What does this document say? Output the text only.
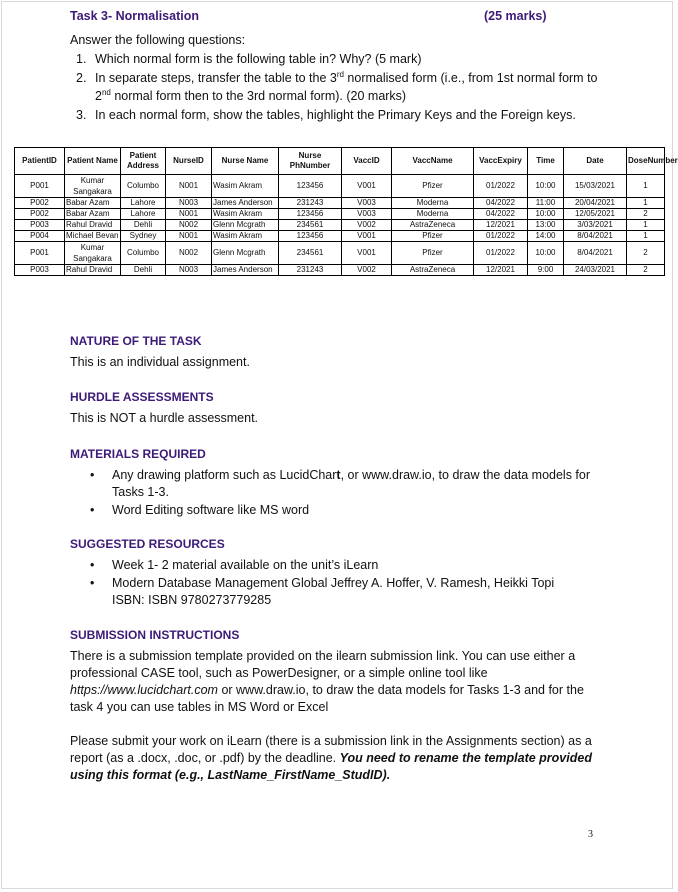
Task 3- Normalisation	(25 marks)
Answer the following questions:
1. Which normal form is the following table in? Why? (5 mark)
2. In separate steps, transfer the table to the 3rd normalised form (i.e., from 1st normal form to 2nd normal form then to the 3rd normal form). (20 marks)
3. In each normal form, show the tables, highlight the Primary Keys and the Foreign keys.
PatientID	Patient Name	Patient Address	NurseID	Nurse Name	Nurse PhNumber	VaccID	VaccName	VaccExpiry	Time	Date	DoseNumber
P001	Kumar Sangakara	Columbo	N001	Wasim Akram	123456	V001	Pfizer	01/2022	10:00	15/03/2021	1
P002	Babar Azam	Lahore	N003	James Anderson	231243	V003	Moderna	04/2022	11:00	20/04/2021	1
P002	Babar Azam	Lahore	N001	Wasim Akram	123456	V003	Moderna	04/2022	10:00	12/05/2021	2
P003	Rahul Dravid	Dehli	N002	Glenn Mcgrath	234561	V002	AstraZeneca	12/2021	13:00	3/03/2021	1
P004	Michael Bevan	Sydney	N001	Wasim Akram	123456	V001	Pfizer	01/2022	14:00	8/04/2021	1
P001	Kumar Sangakara	Columbo	N002	Glenn Mcgrath	234561	V001	Pfizer	01/2022	10:00	8/04/2021	2
P003	Rahul Dravid	Dehli	N003	James Anderson	231243	V002	AstraZeneca	12/2021	9:00	24/03/2021	2
NATURE OF THE TASK
This is an individual assignment.
HURDLE ASSESSMENTS
This is NOT a hurdle assessment.
MATERIALS REQUIRED
•	Any drawing platform such as LucidChart, or www.draw.io, to draw the data models for Tasks 1-3.
•	Word Editing software like MS word
SUGGESTED RESOURCES
•	Week 1- 2 material available on the unit’s iLearn
•	Modern Database Management Global Jeffrey A. Hoffer, V. Ramesh, Heikki Topi ISBN: ISBN 9780273779285
SUBMISSION INSTRUCTIONS
There is a submission template provided on the ilearn submission link. You can use either a professional CASE tool, such as PowerDesigner, or a simple online tool like https://www.lucidchart.com or www.draw.io, to draw the data models for Tasks 1-3 and for the task 4 you can use tables in MS Word or Excel
Please submit your work on iLearn (there is a submission link in the Assignments section) as a report (as a .docx, .doc, or .pdf) by the deadline. You need to rename the template provided using this format (e.g., LastName_FirstName_StudID).
3
